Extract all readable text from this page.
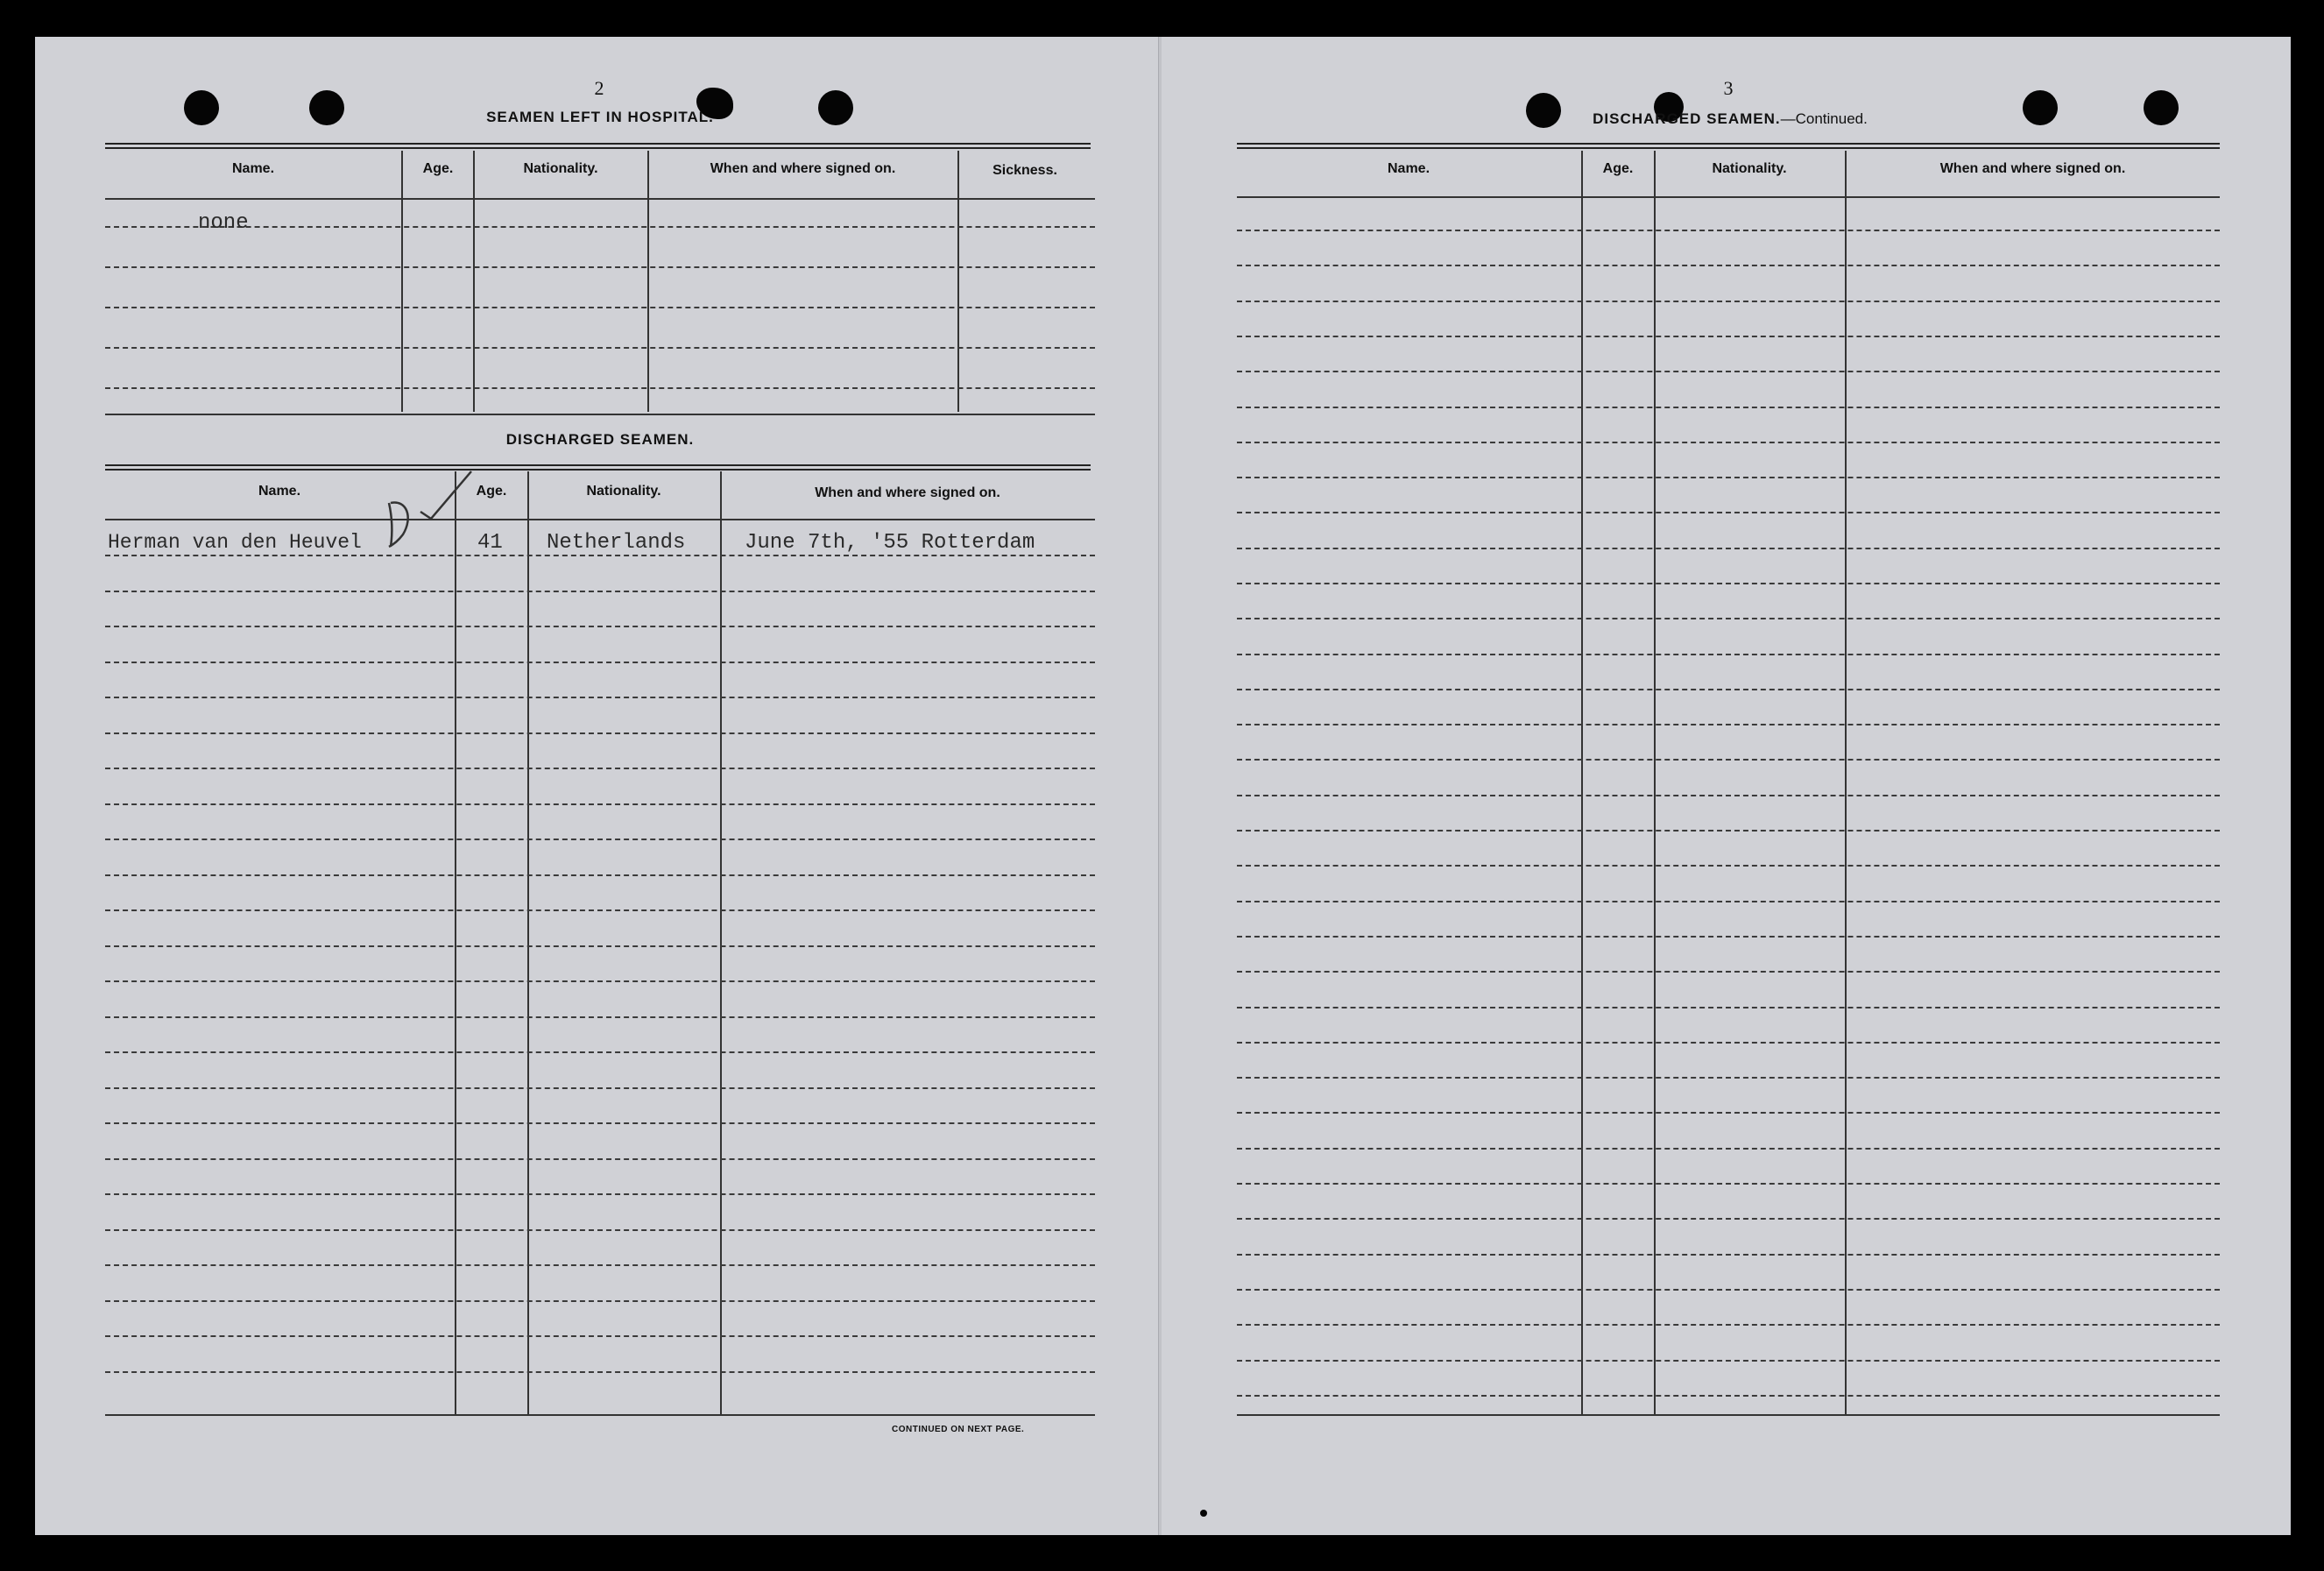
2
SEAMEN LEFT IN HOSPITAL.
Name.	Age.	Nationality.	When and where signed on.	Sickness.
none
DISCHARGED SEAMEN.
Name.	Age.	Nationality.	When and where signed on.
Herman van den Heuvel	41 Netherlands	June 7th, '55 Rotterdam
CONTINUED ON NEXT PAGE.
3
DISCHARGED SEAMEN.—Continued.
Name.	Age.	Nationality.	When and where signed on.
